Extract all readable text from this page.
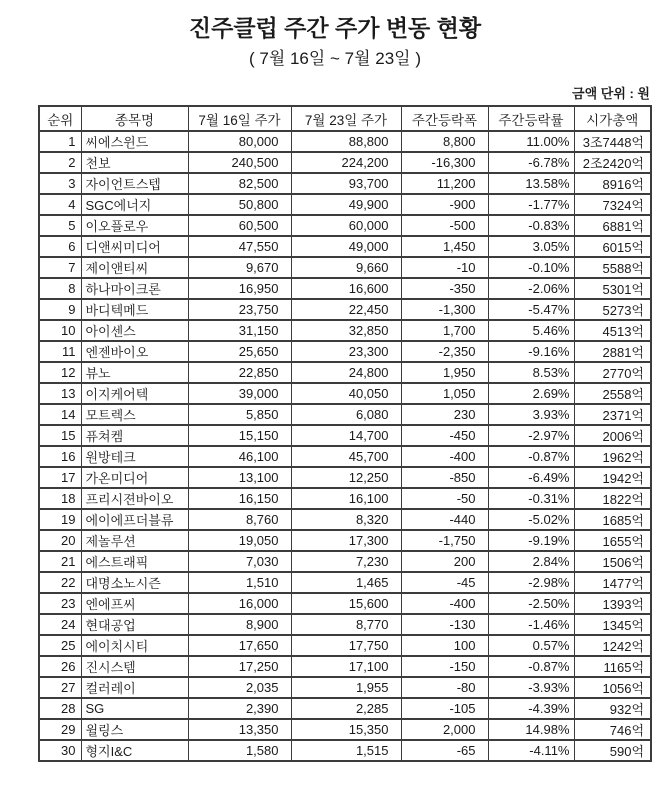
진주클럽 주간 주가 변동 현황
( 7월 16일 ~ 7월 23일 )
금액 단위 : 원
순위	종목명	7월 16일 주가	7월 23일 주가	주간등락폭	주간등락률	시가총액
1	씨에스윈드	80,000	88,800	8,800	11.00%	3조7448억
2	천보	240,500	224,200	-16,300	-6.78%	2조2420억
3	자이언트스텝	82,500	93,700	11,200	13.58%	8916억
4	SGC에너지	50,800	49,900	-900	-1.77%	7324억
5	이오플로우	60,500	60,000	-500	-0.83%	6881억
6	디앤씨미디어	47,550	49,000	1,450	3.05%	6015억
7	제이앤티씨	9,670	9,660	-10	-0.10%	5588억
8	하나마이크론	16,950	16,600	-350	-2.06%	5301억
9	바디텍메드	23,750	22,450	-1,300	-5.47%	5273억
10	아이센스	31,150	32,850	1,700	5.46%	4513억
11	엔젠바이오	25,650	23,300	-2,350	-9.16%	2881억
12	뷰노	22,850	24,800	1,950	8.53%	2770억
13	이지케어텍	39,000	40,050	1,050	2.69%	2558억
14	모트렉스	5,850	6,080	230	3.93%	2371억
15	퓨쳐켐	15,150	14,700	-450	-2.97%	2006억
16	원방테크	46,100	45,700	-400	-0.87%	1962억
17	가온미디어	13,100	12,250	-850	-6.49%	1942억
18	프리시젼바이오	16,150	16,100	-50	-0.31%	1822억
19	에이에프더블류	8,760	8,320	-440	-5.02%	1685억
20	제놀루션	19,050	17,300	-1,750	-9.19%	1655억
21	에스트래픽	7,030	7,230	200	2.84%	1506억
22	대명소노시즌	1,510	1,465	-45	-2.98%	1477억
23	엔에프씨	16,000	15,600	-400	-2.50%	1393억
24	현대공업	8,900	8,770	-130	-1.46%	1345억
25	에이치시티	17,650	17,750	100	0.57%	1242억
26	진시스템	17,250	17,100	-150	-0.87%	1165억
27	컬러레이	2,035	1,955	-80	-3.93%	1056억
28	SG	2,390	2,285	-105	-4.39%	932억
29	윌링스	13,350	15,350	2,000	14.98%	746억
30	형지I&C	1,580	1,515	-65	-4.11%	590억
